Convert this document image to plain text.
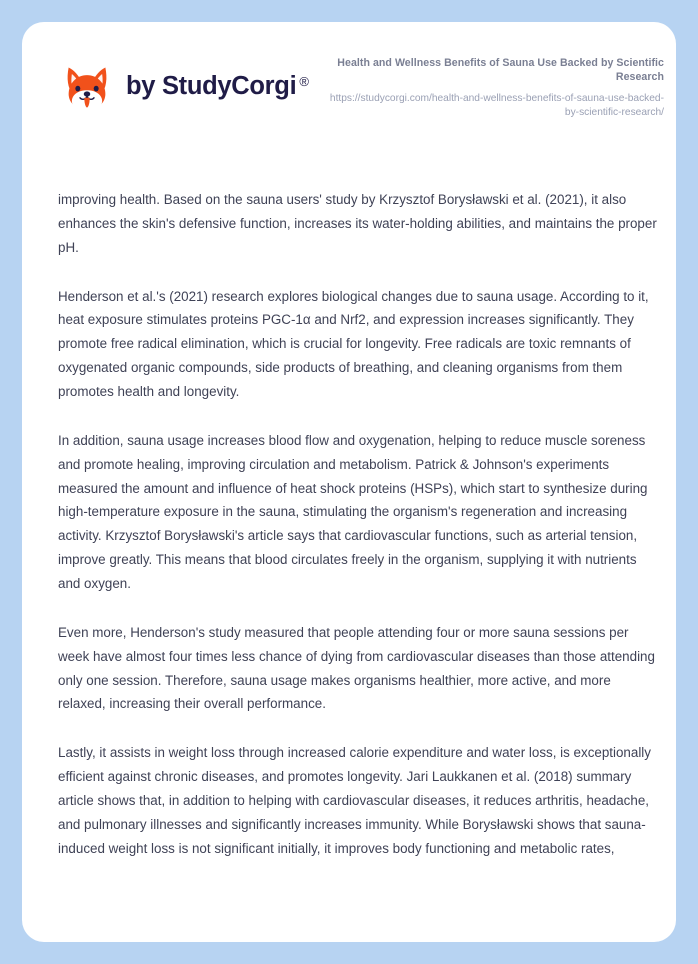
by StudyCorgi ®

Health and Wellness Benefits of Sauna Use Backed by Scientific Research

https://studycorgi.com/health-and-wellness-benefits-of-sauna-use-backed-by-scientific-research/

improving health. Based on the sauna users' study by Krzysztof Borysławski et al. (2021), it also enhances the skin's defensive function, increases its water-holding abilities, and maintains the proper pH.

Henderson et al.'s (2021) research explores biological changes due to sauna usage. According to it, heat exposure stimulates proteins PGC-1α and Nrf2, and expression increases significantly. They promote free radical elimination, which is crucial for longevity. Free radicals are toxic remnants of oxygenated organic compounds, side products of breathing, and cleaning organisms from them promotes health and longevity.

In addition, sauna usage increases blood flow and oxygenation, helping to reduce muscle soreness and promote healing, improving circulation and metabolism. Patrick & Johnson's experiments measured the amount and influence of heat shock proteins (HSPs), which start to synthesize during high-temperature exposure in the sauna, stimulating the organism's regeneration and increasing activity. Krzysztof Borysławski's article says that cardiovascular functions, such as arterial tension, improve greatly. This means that blood circulates freely in the organism, supplying it with nutrients and oxygen.

Even more, Henderson's study measured that people attending four or more sauna sessions per week have almost four times less chance of dying from cardiovascular diseases than those attending only one session. Therefore, sauna usage makes organisms healthier, more active, and more relaxed, increasing their overall performance.

Lastly, it assists in weight loss through increased calorie expenditure and water loss, is exceptionally efficient against chronic diseases, and promotes longevity. Jari Laukkanen et al. (2018) summary article shows that, in addition to helping with cardiovascular diseases, it reduces arthritis, headache, and pulmonary illnesses and significantly increases immunity. While Borysławski shows that sauna-induced weight loss is not significant initially, it improves body functioning and metabolic rates,
